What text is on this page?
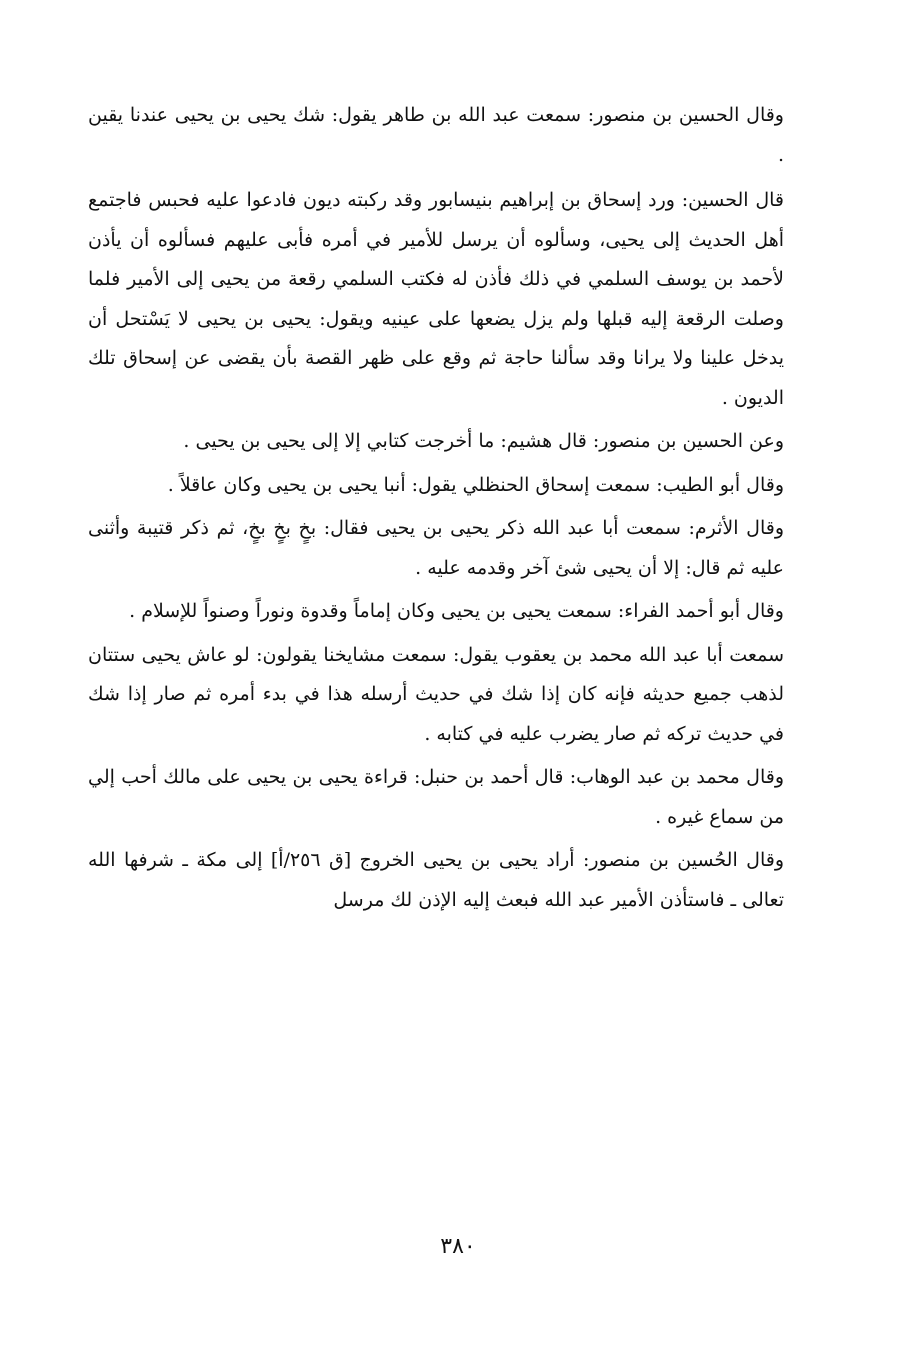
وقال الحسين بن منصور: سمعت عبد الله بن طاهر يقول: شك يحيى بن يحيى عندنا يقين .

قال الحسين: ورد إسحاق بن إبراهيم بنيسابور وقد ركبته ديون فادعوا عليه فحبس فاجتمع أهل الحديث إلى يحيى، وسألوه أن يرسل للأمير في أمره فأبى عليهم فسألوه أن يأذن لأحمد بن يوسف السلمي في ذلك فأذن له فكتب السلمي رقعة من يحيى إلى الأمير فلما وصلت الرقعة إليه قبلها ولم يزل يضعها على عينيه ويقول: يحيى بن يحيى لا يَسْتحل أن يدخل علينا ولا يرانا وقد سألنا حاجة ثم وقع على ظهر القصة بأن يقضى عن إسحاق تلك الديون .

وعن الحسين بن منصور: قال هشيم: ما أخرجت كتابي إلا إلى يحيى بن يحيى .

وقال أبو الطيب: سمعت إسحاق الحنظلي يقول: أنبا يحيى بن يحيى وكان عاقلاً .

وقال الأثرم: سمعت أبا عبد الله ذكر يحيى بن يحيى فقال: بخٍ بخٍ بخٍ، ثم ذكر قتيبة وأثنى عليه ثم قال: إلا أن يحيى شئ آخر وقدمه عليه .

وقال أبو أحمد الفراء: سمعت يحيى بن يحيى وكان إماماً وقدوة ونوراً وصنواً للإسلام .

سمعت أبا عبد الله محمد بن يعقوب يقول: سمعت مشايخنا يقولون: لو عاش يحيى ستتان لذهب جميع حديثه فإنه كان إذا شك في حديث أرسله هذا في بدء أمره ثم صار إذا شك في حديث تركه ثم صار يضرب عليه في كتابه .

وقال محمد بن عبد الوهاب: قال أحمد بن حنبل: قراءة يحيى بن يحيى على مالك أحب إلي من سماع غيره .

وقال الحُسين بن منصور: أراد يحيى بن يحيى الخروج [ق ٢٥٦/أ] إلى مكة ـ شرفها الله تعالى ـ فاستأذن الأمير عبد الله فبعث إليه الإذن لك مرسل

٣٨٠
